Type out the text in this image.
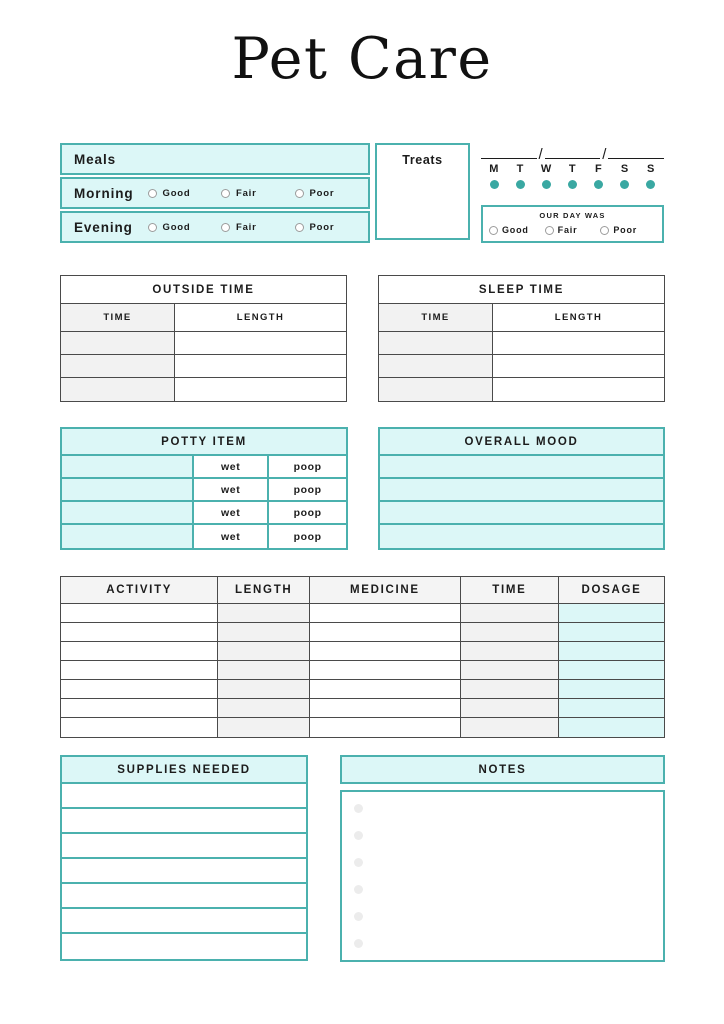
Pet Care
Meals
Morning	Good	Fair	Poor
Evening	Good	Fair	Poor
Treats	/	/
M	T	W	T	F	S	S
OUR DAY WAS
Good	Fair	Poor
OUTSIDE TIME
TIME	LENGTH
SLEEP TIME
TIME	LENGTH
POTTY ITEM
wet	poop
wet	poop
wet	poop
wet	poop
OVERALL MOOD
ACTIVITY	LENGTH	MEDICINE	TIME	DOSAGE
SUPPLIES NEEDED	NOTES
